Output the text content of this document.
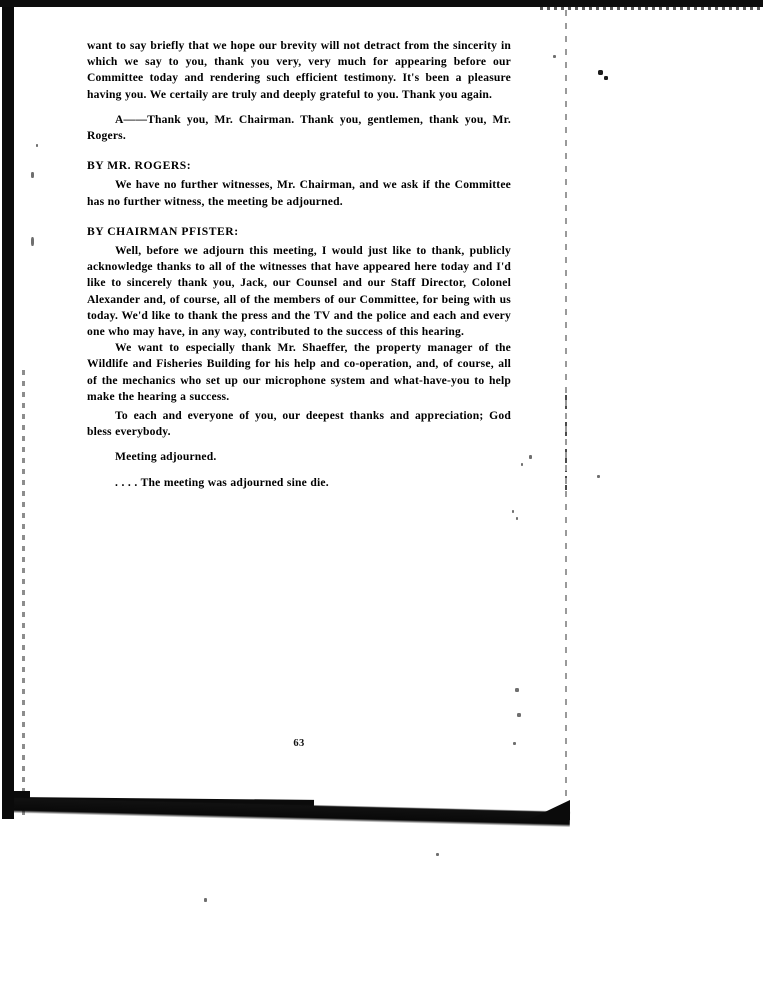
want to say briefly that we hope our brevity will not detract from the sincerity in which we say to you, thank you very, very much for appearing before our Committee today and rendering such efficient testimony. It's been a pleasure having you. We certaily are truly and deeply grateful to you. Thank you again.

A——Thank you, Mr. Chairman. Thank you, gentlemen, thank you, Mr. Rogers.

BY MR. ROGERS:

We have no further witnesses, Mr. Chairman, and we ask if the Committee has no further witness, the meeting be adjourned.

BY CHAIRMAN PFISTER:

Well, before we adjourn this meeting, I would just like to thank, publicly acknowledge thanks to all of the witnesses that have appeared here today and I'd like to sincerely thank you, Jack, our Counsel and our Staff Director, Colonel Alexander and, of course, all of the members of our Committee, for being with us today. We'd like to thank the press and the TV and the police and each and every one who may have, in any way, contributed to the success of this hearing.

We want to especially thank Mr. Shaeffer, the property manager of the Wildlife and Fisheries Building for his help and co-operation, and, of course, all of the mechanics who set up our microphone system and what-have-you to help make the hearing a success.

To each and everyone of you, our deepest thanks and appreciation; God bless everybody.

Meeting adjourned.

. . . . The meeting was adjourned sine die.

63
